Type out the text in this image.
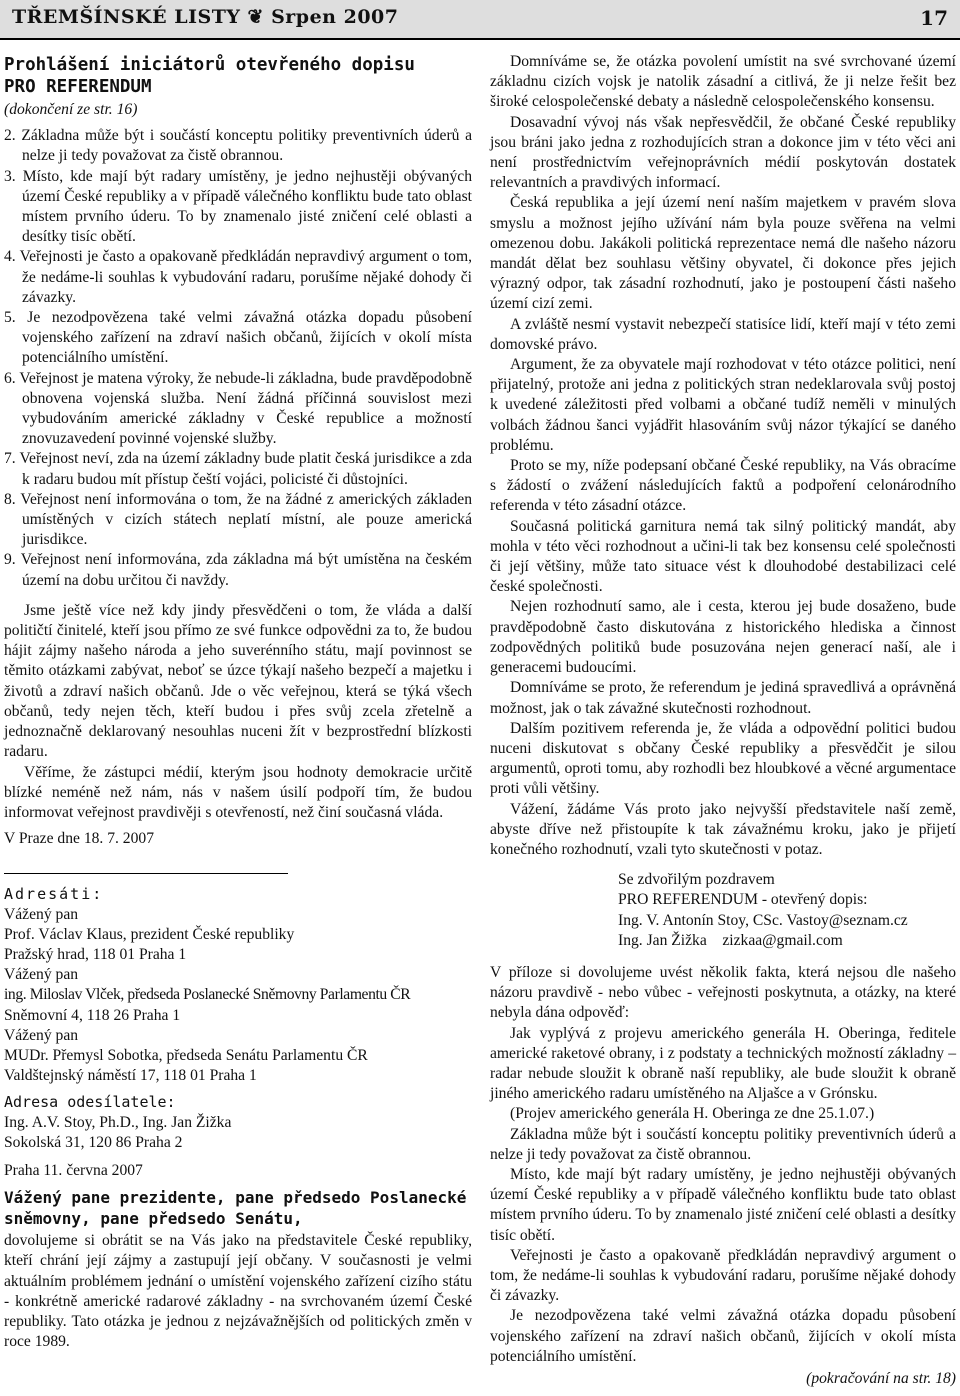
TŘEMŠÍNSKÉ LISTY ❦ Srpen 2007	17
Prohlášení iniciátorů otevřeného dopisu
PRO REFERENDUM

(dokončení ze str. 16)

2. Základna může být i součástí konceptu politiky preventivních úderů a nelze ji tedy považovat za čistě obrannou.

3. Místo, kde mají být radary umístěny, je jedno nejhustěji obývaných území České republiky a v případě válečného konfliktu bude tato oblast místem prvního úderu. To by znamenalo jisté zničení celé oblasti a desítky tisíc obětí.

4. Veřejnosti je často a opakovaně předkládán nepravdivý argument o tom, že nedáme-li souhlas k vybudování radaru, porušíme nějaké dohody či závazky.

5. Je nezodpovězena také velmi závažná otázka dopadu působení vojenského zařízení na zdraví našich občanů, žijících v okolí místa potenciálního umístění.

6. Veřejnost je matena výroky, že nebude-li základna, bude pravděpodobně obnovena vojenská služba. Není žádná příčinná souvislost mezi vybudováním americké základny v České republice a možností znovuzavedení povinné vojenské služby.

7. Veřejnost neví, zda na území základny bude platit česká jurisdikce a zda k radaru budou mít přístup čeští vojáci, policisté či důstojníci.

8. Veřejnost není informována o tom, že na žádné z amerických základen umístěných v cizích státech neplatí místní, ale pouze americká jurisdikce.

9. Veřejnost není informována, zda základna má být umístěna na českém území na dobu určitou či navždy.

Jsme ještě více než kdy jindy přesvědčeni o tom, že vláda a další političtí činitelé, kteří jsou přímo ze své funkce odpovědni za to, že budou hájit zájmy našeho národa a jeho suverénního státu, mají povinnost se těmito otázkami zabývat, neboť se úzce týkají našeho bezpečí a majetku i životů a zdraví našich občanů. Jde o věc veřejnou, která se týká všech občanů, tedy nejen těch, kteří budou i přes svůj zcela zřetelně a jednoznačně deklarovaný nesouhlas nuceni žít v bezprostřední blízkosti radaru.

Věříme, že zástupci médií, kterým jsou hodnoty demokracie určitě blízké neméně než nám, nás v našem úsilí podpoří tím, že budou informovat veřejnost pravdivěji s otevřeností, než činí současná vláda.

V Praze dne 18. 7. 2007

Adresáti:

Vážený pan

Prof. Václav Klaus, prezident České republiky

Pražský hrad, 118 01 Praha 1

Vážený pan

ing. Miloslav Vlček, předseda Poslanecké Sněmovny Parlamentu ČR

Sněmovní 4, 118 26 Praha 1

Vážený pan

MUDr. Přemysl Sobotka, předseda Senátu Parlamentu ČR

Valdštejnský náměstí 17, 118 01 Praha 1

Adresa odesílatele:

Ing. A.V. Stoy, Ph.D., Ing. Jan Žižka

Sokolská 31, 120 86 Praha 2

Praha 11. června 2007

Vážený pane prezidente, pane předsedo Poslanecké sněmovny, pane předsedo Senátu,

dovolujeme si obrátit se na Vás jako na představitele České republiky, kteří chrání její zájmy a zastupují její občany. V současnosti je velmi aktuálním problémem jednání o umístění vojenského zařízení cizího státu - konkrétně americké radarové základny - na svrchovaném území České republiky. Tato otázka je jednou z nejzávažnějších od politických změn v roce 1989.

Domníváme se, že otázka povolení umístit na své svrchované území základnu cizích vojsk je natolik zásadní a citlivá, že ji nelze řešit bez široké celospolečenské debaty a následně celospolečenského konsensu.

Dosavadní vývoj nás však nepřesvědčil, že občané České republiky jsou bráni jako jedna z rozhodujících stran a dokonce jim v této věci ani není prostřednictvím veřejnoprávních médií poskytován dostatek relevantních a pravdivých informací.

Česká republika a její území není naším majetkem v pravém slova smyslu a možnost jejího užívání nám byla pouze svěřena na velmi omezenou dobu. Jakákoli politická reprezentace nemá dle našeho názoru mandát dělat bez souhlasu většiny obyvatel, či dokonce přes jejich výrazný odpor, tak zásadní rozhodnutí, jako je postoupení části našeho území cizí zemi.

A zvláště nesmí vystavit nebezpečí statisíce lidí, kteří mají v této zemi domovské právo.

Argument, že za obyvatele mají rozhodovat v této otázce politici, není přijatelný, protože ani jedna z politických stran nedeklarovala svůj postoj k uvedené záležitosti před volbami a občané tudíž neměli v minulých volbách žádnou šanci vyjádřit hlasováním svůj názor týkající se daného problému.

Proto se my, níže podepsaní občané České republiky, na Vás obracíme s žádostí o zvážení následujících faktů a podpoření celonárodního referenda v této zásadní otázce.

Současná politická garnitura nemá tak silný politický mandát, aby mohla v této věci rozhodnout a učini-li tak bez konsensu celé společnosti či její většiny, může tato situace vést k dlouhodobé destabilizaci celé české společnosti.

Nejen rozhodnutí samo, ale i cesta, kterou jej bude dosaženo, bude pravděpodobně často diskutována z historického hlediska a činnost zodpovědných politiků bude posuzována nejen generací naší, ale i generacemi budoucími.

Domníváme se proto, že referendum je jediná spravedlivá a oprávněná možnost, jak o tak závažné skutečnosti rozhodnout.

Dalším pozitivem referenda je, že vláda a odpovědní politici budou nuceni diskutovat s občany České republiky a přesvědčit je silou argumentů, oproti tomu, aby rozhodli bez hloubkové a věcné argumentace proti vůli většiny.

Vážení, žádáme Vás proto jako nejvyšší představitele naší země, abyste dříve než přistoupíte k tak závažnému kroku, jako je přijetí konečného rozhodnutí, vzali tyto skutečnosti v potaz.

Se zdvořilým pozdravem

PRO REFERENDUM - otevřený dopis:

Ing. V. Antonín Stoy, CSc. Vastoy@seznam.cz

Ing. Jan Žižka    zizkaa@gmail.com

V příloze si dovolujeme uvést několik fakta, která nejsou dle našeho názoru pravdivě - nebo vůbec - veřejnosti poskytnuta, a otázky, na které nebyla dána odpověď:

Jak vyplývá z projevu amerického generála H. Oberinga, ředitele americké raketové obrany, i z podstaty a technických možností základny – radar nebude sloužit k obraně naší republiky, ale bude sloužit k obraně jiného amerického radaru umístěného na Aljašce a v Grónsku.

(Projev amerického generála H. Oberinga ze dne 25.1.07.)

Základna může být i součástí konceptu politiky preventivních úderů a nelze ji tedy považovat za čistě obrannou.

Místo, kde mají být radary umístěny, je jedno nejhustěji obývaných území České republiky a v případě válečného konfliktu bude tato oblast místem prvního úderu. To by znamenalo jisté zničení celé oblasti a desítky tisíc obětí.

Veřejnosti je často a opakovaně předkládán nepravdivý argument o tom, že nedáme-li souhlas k vybudování radaru, porušíme nějaké dohody či závazky.

Je nezodpovězena také velmi závažná otázka dopadu působení vojenského zařízení na zdraví našich občanů, žijících v okolí místa potenciálního umístění.

(pokračování na str. 18)
